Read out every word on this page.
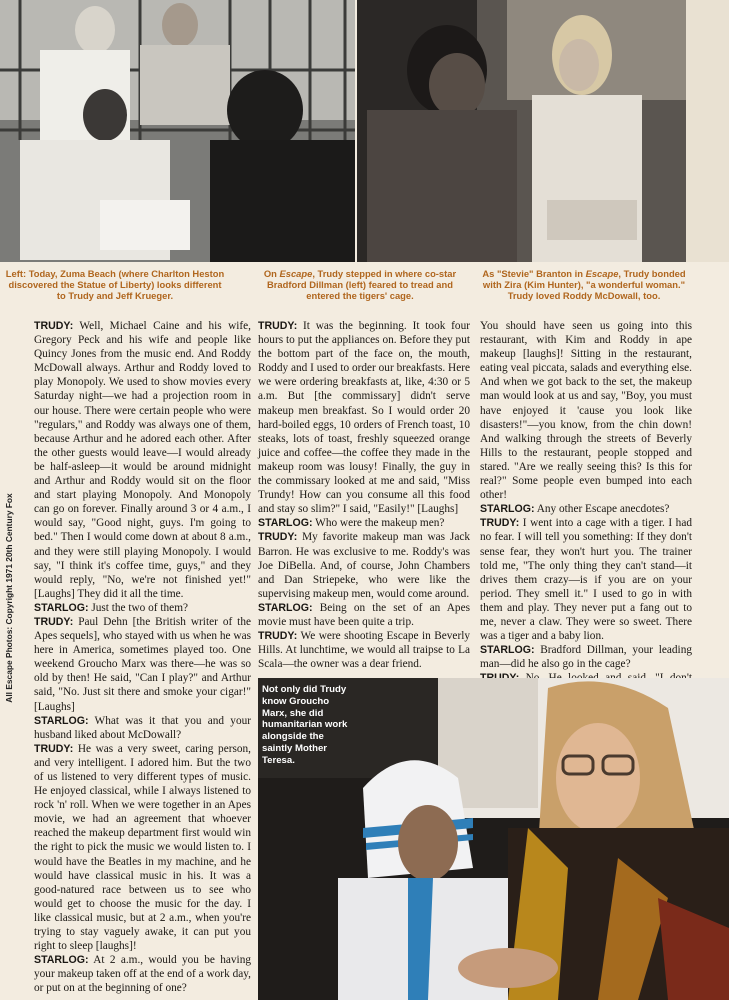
Left: Today, Zuma Beach (where Charlton Heston discovered the Statue of Liberty) looks different to Trudy and Jeff Krueger.
On Escape, Trudy stepped in where co-star Bradford Dillman (left) feared to tread and entered the tigers' cage.
As "Stevie" Branton in Escape, Trudy bonded with Zira (Kim Hunter), "a wonderful woman." Trudy loved Roddy McDowall, too.
All Escape Photos: Copyright 1971 20th Century Fox

TRUDY: Well, Michael Caine and his wife, Gregory Peck and his wife and people like Quincy Jones from the music end. And Roddy McDowall always. Arthur and Roddy loved to play Monopoly. We used to show movies every Saturday night—we had a projection room in our house. There were certain people who were "regulars," and Roddy was always one of them, because Arthur and he adored each other. After the other guests would leave—I would already be half-asleep—it would be around midnight and Arthur and Roddy would sit on the floor and start playing Monopoly. And Monopoly can go on forever. Finally around 3 or 4 a.m., I would say, "Good night, guys. I'm going to bed." Then I would come down at about 8 a.m., and they were still playing Monopoly. I would say, "I think it's coffee time, guys," and they would reply, "No, we're not finished yet!" [Laughs] They did it all the time.

STARLOG: Just the two of them?

TRUDY: Paul Dehn [the British writer of the Apes sequels], who stayed with us when he was here in America, sometimes played too. One weekend Groucho Marx was there—he was so old by then! He said, "Can I play?" and Arthur said, "No. Just sit there and smoke your cigar!" [Laughs]

STARLOG: What was it that you and your husband liked about McDowall?

TRUDY: He was a very sweet, caring person, and very intelligent. I adored him. But the two of us listened to very different types of music. He enjoyed classical, while I always listened to rock 'n' roll. When we were together in an Apes movie, we had an agreement that whoever reached the makeup department first would win the right to pick the music we would listen to. I would have the Beatles in my machine, and he would have classical music in his. It was a good-natured race between us to see who would get to choose the music for the day. I like classical music, but at 2 a.m., when you're trying to stay vaguely awake, it can put you right to sleep [laughs]!

STARLOG: At 2 a.m., would you be having your makeup taken off at the end of a work day, or put on at the beginning of one?

TRUDY: It was the beginning. It took four hours to put the appliances on. Before they put the bottom part of the face on, the mouth, Roddy and I used to order our breakfasts. Here we were ordering breakfasts at, like, 4:30 or 5 a.m. But [the commissary] didn't serve makeup men breakfast. So I would order 20 hard-boiled eggs, 10 orders of French toast, 10 steaks, lots of toast, freshly squeezed orange juice and coffee—the coffee they made in the makeup room was lousy! Finally, the guy in the commissary looked at me and said, "Miss Trundy! How can you consume all this food and stay so slim?" I said, "Easily!" [Laughs]

STARLOG: Who were the makeup men?

TRUDY: My favorite makeup man was Jack Barron. He was exclusive to me. Roddy's was Joe DiBella. And, of course, John Chambers and Dan Striepeke, who were like the supervising makeup men, would come around.

STARLOG: Being on the set of an Apes movie must have been quite a trip.

TRUDY: We were shooting Escape in Beverly Hills. At lunchtime, we would all traipse to La Scala—the owner was a dear friend.

You should have seen us going into this restaurant, with Kim and Roddy in ape makeup [laughs]! Sitting in the restaurant, eating veal piccata, salads and everything else. And when we got back to the set, the makeup man would look at us and say, "Boy, you must have enjoyed it 'cause you look like disasters!"—you know, from the chin down! And walking through the streets of Beverly Hills to the restaurant, people stopped and stared. "Are we really seeing this? Is this for real?" Some people even bumped into each other!

STARLOG: Any other Escape anecdotes?

TRUDY: I went into a cage with a tiger. I had no fear. I will tell you something: If they don't sense fear, they won't hurt you. The trainer told me, "The only thing they can't stand—it drives them crazy—is if you are on your period. They smell it." I used to go in with them and play. They never put a fang out to me, never a claw. They were so sweet. There was a tiger and a baby lion.

STARLOG: Bradford Dillman, your leading man—did he also go in the cage?

Not only did Trudy know Groucho Marx, she did humanitarian work alongside the saintly Mother Teresa.
